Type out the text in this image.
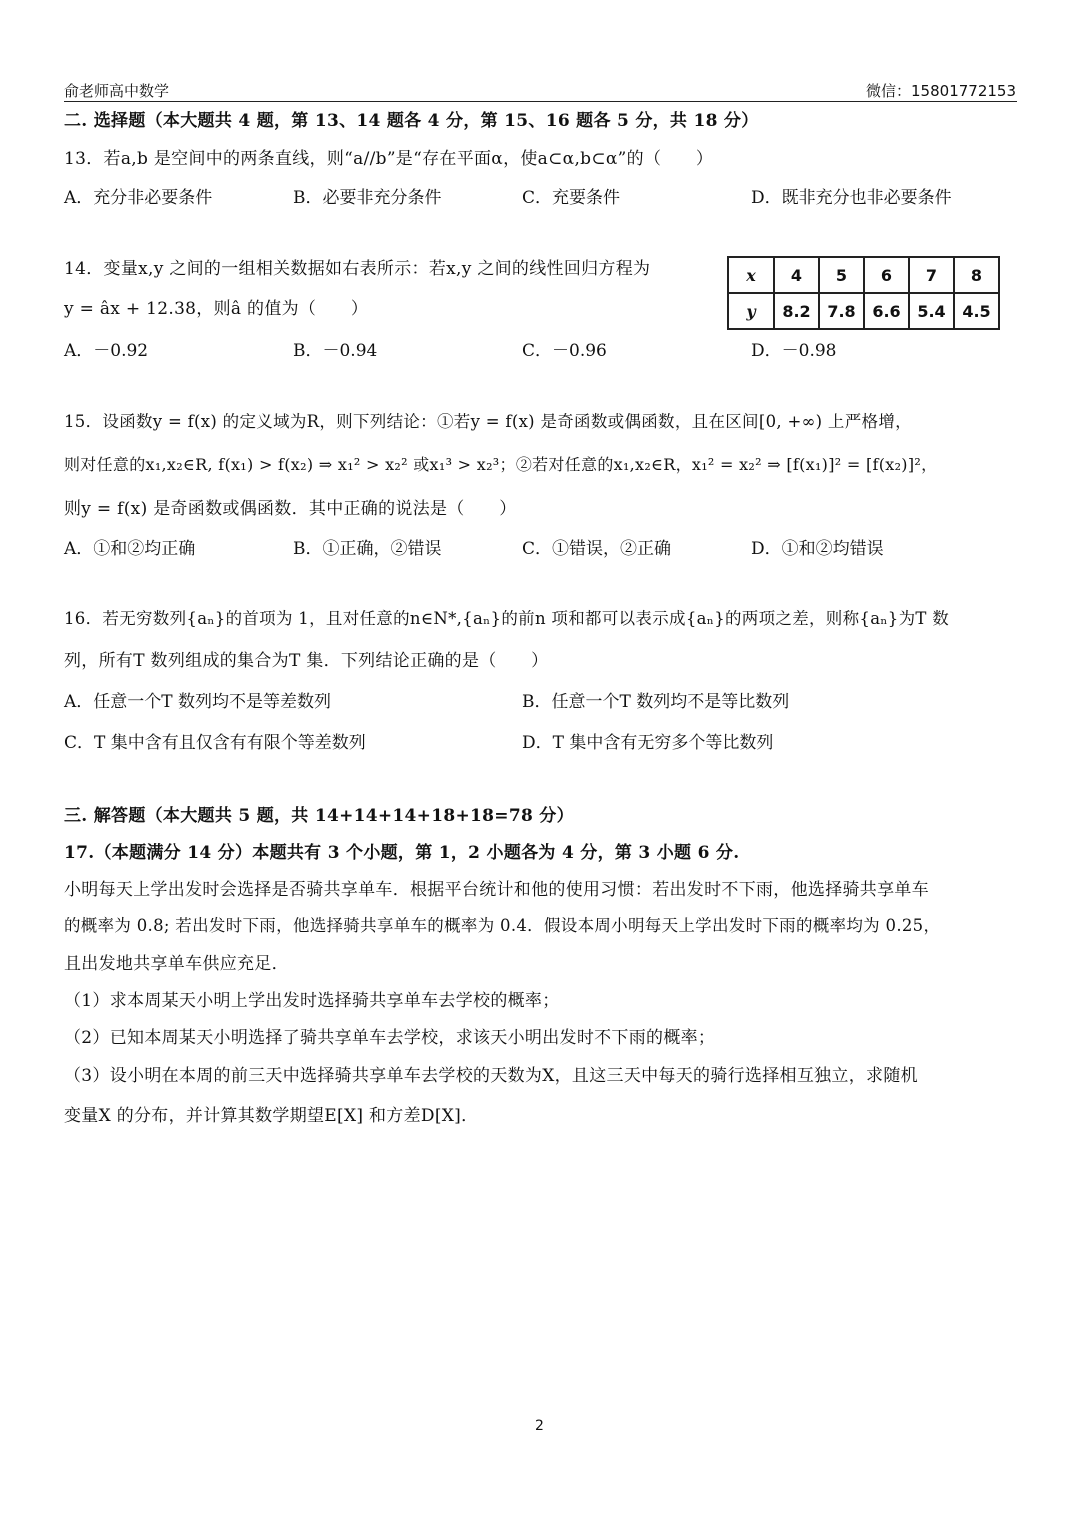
俞老师高中数学	微信：15801772153
二. 选择题（本大题共 4 题，第 13、14 题各 4 分，第 15、16 题各 5 分，共 18 分）
13．若a,b 是空间中的两条直线，则“a//b”是“存在平面α，使a⊂α,b⊂α”的（　　）
A．充分非必要条件	B．必要非充分条件	C．充要条件	D．既非充分也非必要条件
14．变量x,y 之间的一组相关数据如右表所示：若x,y 之间的线性回归方程为
y = âx + 12.38，则â 的值为（　　）
x	4	5	6	7	8
y	8.2	7.8	6.6	5.4	4.5
A．－0.92	B．－0.94	C．－0.96	D．－0.98
15．设函数y = f(x) 的定义域为R，则下列结论：①若y = f(x) 是奇函数或偶函数，且在区间[0, +∞) 上严格增，
则对任意的x₁,x₂∈R, f(x₁) > f(x₂) ⇒ x₁² > x₂² 或x₁³ > x₂³；②若对任意的x₁,x₂∈R，x₁² = x₂² ⇒ [f(x₁)]² = [f(x₂)]²，
则y = f(x) 是奇函数或偶函数．其中正确的说法是（　　）
A．①和②均正确	B．①正确，②错误	C．①错误，②正确	D．①和②均错误
16．若无穷数列{aₙ}的首项为 1，且对任意的n∈N*,{aₙ}的前n 项和都可以表示成{aₙ}的两项之差，则称{aₙ}为T 数
列，所有T 数列组成的集合为T 集．下列结论正确的是（　　）
A．任意一个T 数列均不是等差数列	B．任意一个T 数列均不是等比数列
C．T 集中含有且仅含有有限个等差数列	D．T 集中含有无穷多个等比数列
三. 解答题（本大题共 5 题，共 14+14+14+18+18=78 分）
17.（本题满分 14 分）本题共有 3 个小题，第 1，2 小题各为 4 分，第 3 小题 6 分.
小明每天上学出发时会选择是否骑共享单车．根据平台统计和他的使用习惯：若出发时不下雨，他选择骑共享单车
的概率为 0.8; 若出发时下雨，他选择骑共享单车的概率为 0.4．假设本周小明每天上学出发时下雨的概率均为 0.25，
且出发地共享单车供应充足．
（1）求本周某天小明上学出发时选择骑共享单车去学校的概率；
（2）已知本周某天小明选择了骑共享单车去学校，求该天小明出发时不下雨的概率；
（3）设小明在本周的前三天中选择骑共享单车去学校的天数为X，且这三天中每天的骑行选择相互独立，求随机
变量X 的分布，并计算其数学期望E[X] 和方差D[X]．
2
